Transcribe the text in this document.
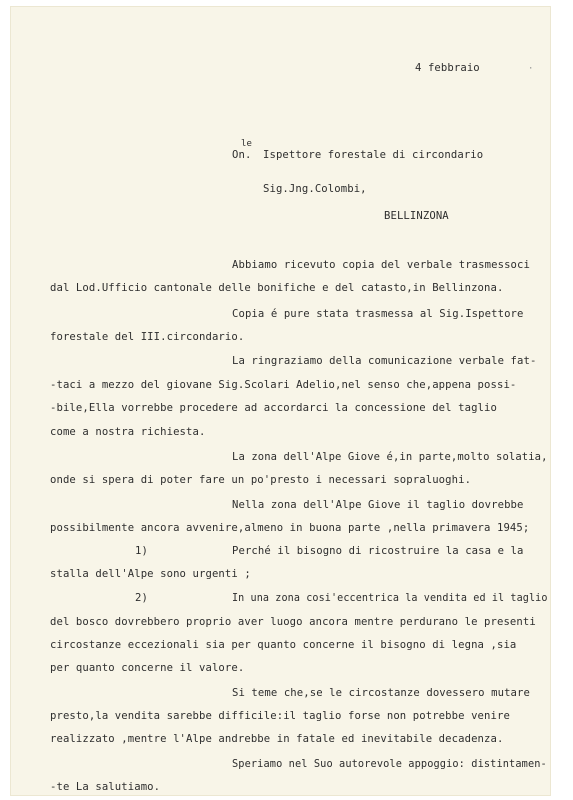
4 febbraio	·
le
On. Ispettore forestale di circondario
Sig.Jng.Colombi,
BELLINZONA
Abbiamo ricevuto copia del verbale trasmessoci
dal Lod.Ufficio cantonale delle bonifiche e del catasto,in Bellinzona.
Copia é pure stata trasmessa al Sig.Ispettore
forestale del III.circondario.
La ringraziamo della comunicazione verbale fat-
-taci a mezzo del giovane Sig.Scolari Adelio,nel senso che,appena possi-
-bile,Ella vorrebbe procedere ad accordarci la concessione del taglio
come a nostra richiesta.
La zona dell'Alpe Giove é,in parte,molto solatia,
onde si spera di poter fare un po'presto i necessari sopraluoghi.
Nella zona dell'Alpe Giove il taglio dovrebbe
possibilmente ancora avvenire,almeno in buona parte ,nella primavera 1945;
1)	Perché il bisogno di ricostruire la casa e la
stalla dell'Alpe sono urgenti ;
2)	In una zona cosi'eccentrica la vendita ed il taglio
del bosco dovrebbero proprio aver luogo ancora mentre perdurano le presenti
circostanze eccezionali sia per quanto concerne il bisogno di legna ,sia
per quanto concerne il valore.
Si teme che,se le circostanze dovessero mutare
presto,la vendita sarebbe difficile:il taglio forse non potrebbe venire
realizzato ,mentre l'Alpe andrebbe in fatale ed inevitabile decadenza.
Speriamo nel Suo autorevole appoggio: distintamen-
-te La salutiamo.
